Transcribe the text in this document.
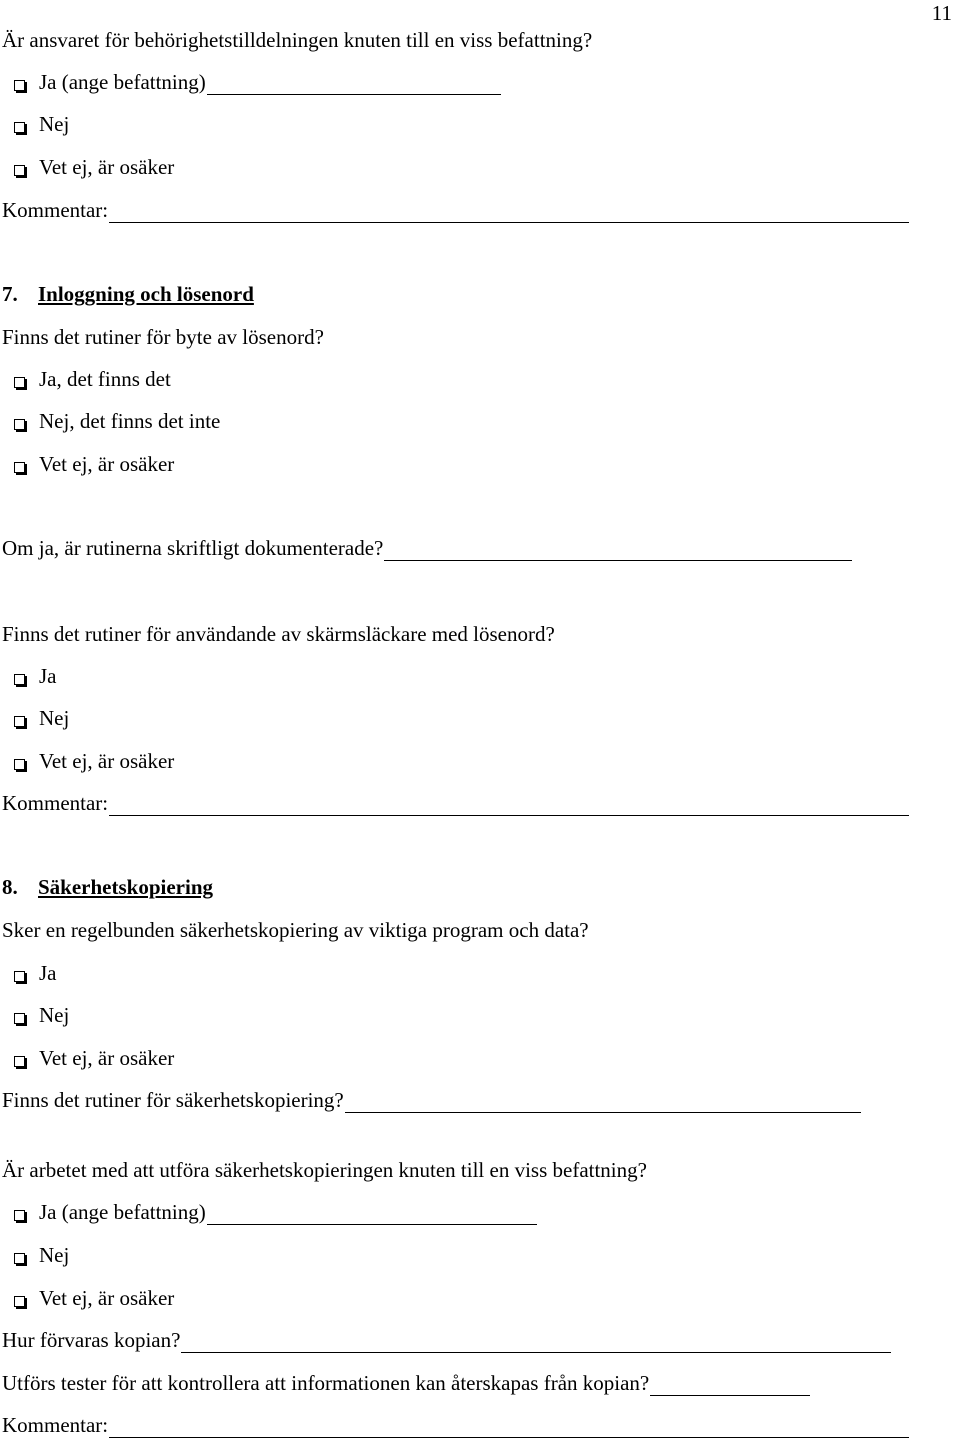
11
Är ansvaret för behörighetstilldelningen knuten till en viss befattning?
Ja (ange befattning)
Nej
Vet ej, är osäker
Kommentar:
7. Inloggning och lösenord
Finns det rutiner för byte av lösenord?
Ja, det finns det
Nej, det finns det inte
Vet ej, är osäker
Om ja, är rutinerna skriftligt dokumenterade?
Finns det rutiner för användande av skärmsläckare med lösenord?
Ja
Nej
Vet ej, är osäker
Kommentar:
8. Säkerhetskopiering
Sker en regelbunden säkerhetskopiering av viktiga program och data?
Ja
Nej
Vet ej, är osäker
Finns det rutiner för säkerhetskopiering?
Är arbetet med att utföra säkerhetskopieringen knuten till en viss befattning?
Ja (ange befattning)
Nej
Vet ej, är osäker
Hur förvaras kopian?
Utförs tester för att kontrollera att informationen kan återskapas från kopian?
Kommentar:
